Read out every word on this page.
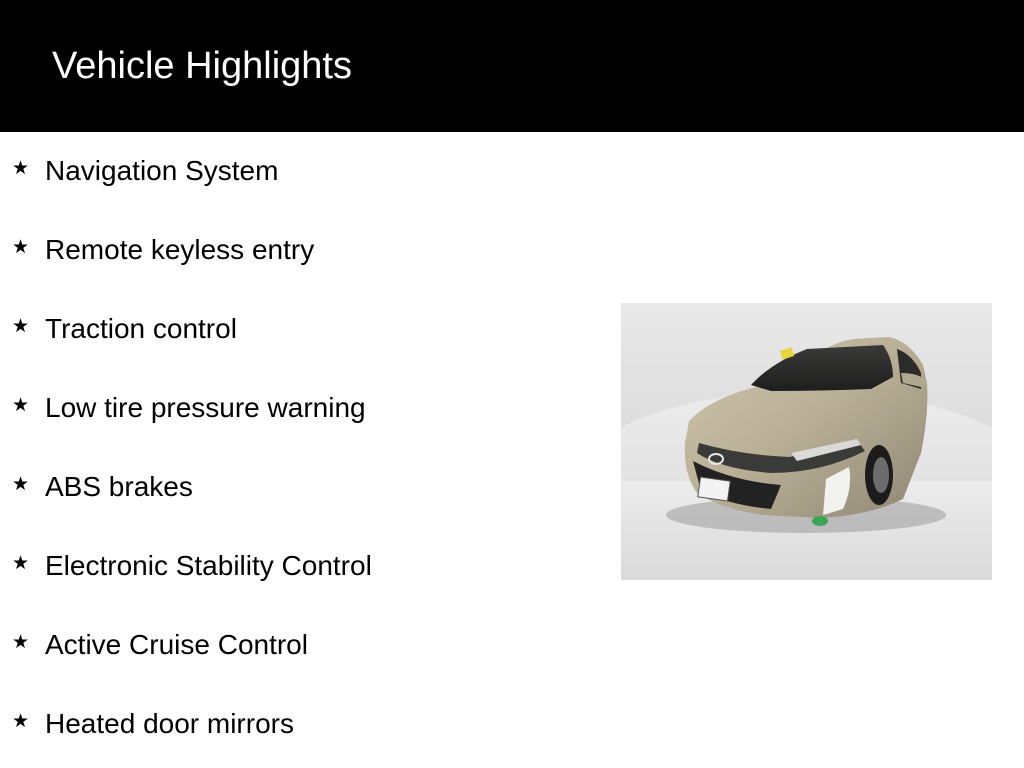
Vehicle Highlights
★ Navigation System
★ Remote keyless entry
★ Traction control
★ Low tire pressure warning
★ ABS brakes
★ Electronic Stability Control
★ Active Cruise Control
★ Heated door mirrors
